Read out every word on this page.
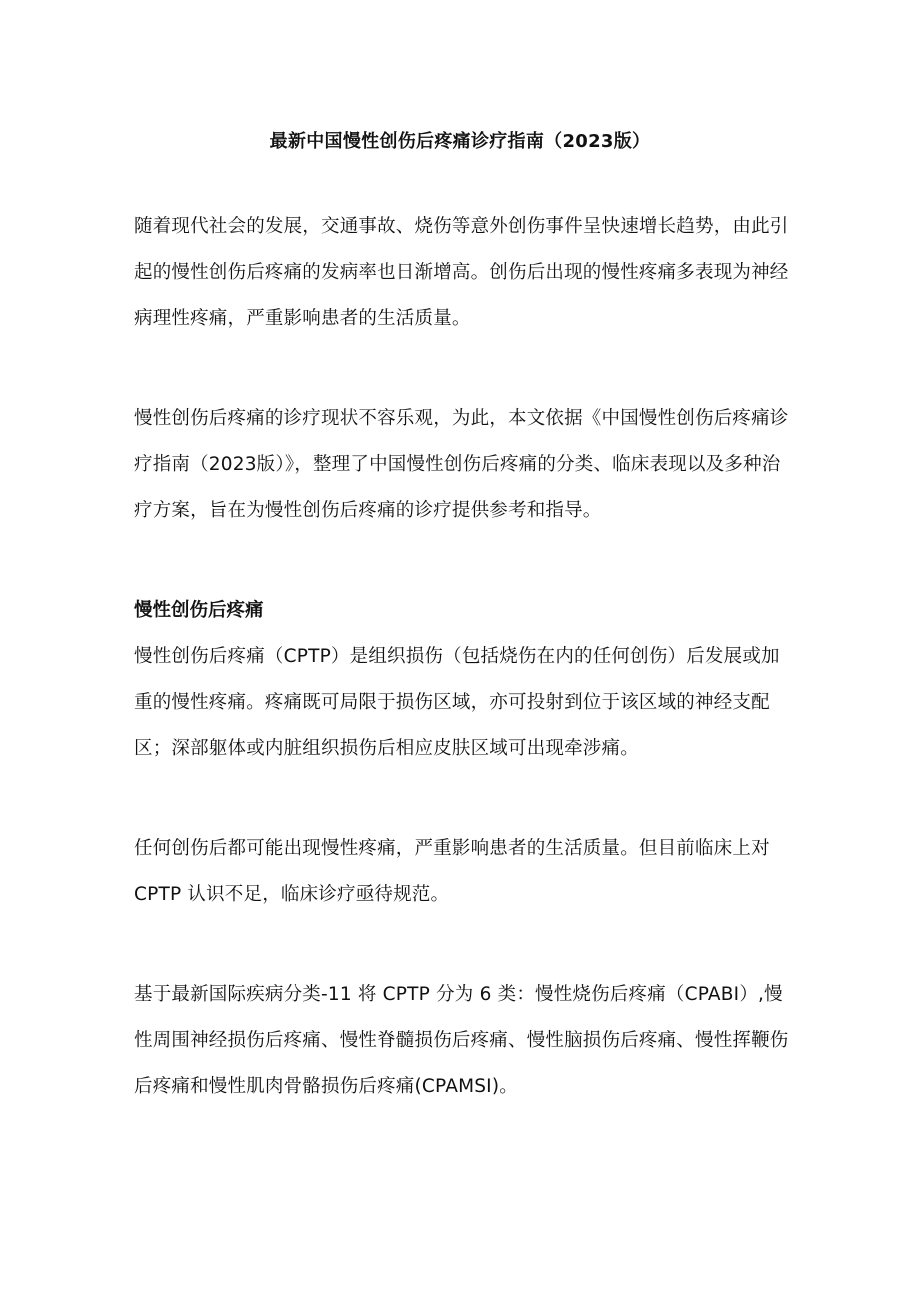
最新中国慢性创伤后疼痛诊疗指南（2023版）

随着现代社会的发展，交通事故、烧伤等意外创伤事件呈快速增长趋势，由此引起的慢性创伤后疼痛的发病率也日渐增高。创伤后出现的慢性疼痛多表现为神经病理性疼痛，严重影响患者的生活质量。

慢性创伤后疼痛的诊疗现状不容乐观，为此，本文依据《中国慢性创伤后疼痛诊疗指南（2023版）》，整理了中国慢性创伤后疼痛的分类、临床表现以及多种治疗方案，旨在为慢性创伤后疼痛的诊疗提供参考和指导。

慢性创伤后疼痛

慢性创伤后疼痛（CPTP）是组织损伤（包括烧伤在内的任何创伤）后发展或加重的慢性疼痛。疼痛既可局限于损伤区域，亦可投射到位于该区域的神经支配区；深部躯体或内脏组织损伤后相应皮肤区域可出现牵涉痛。

任何创伤后都可能出现慢性疼痛，严重影响患者的生活质量。但目前临床上对 CPTP 认识不足，临床诊疗亟待规范。

基于最新国际疾病分类-11 将 CPTP 分为 6 类：慢性烧伤后疼痛（CPABI）,慢性周围神经损伤后疼痛、慢性脊髓损伤后疼痛、慢性脑损伤后疼痛、慢性挥鞭伤后疼痛和慢性肌肉骨骼损伤后疼痛(CPAMSI)。
